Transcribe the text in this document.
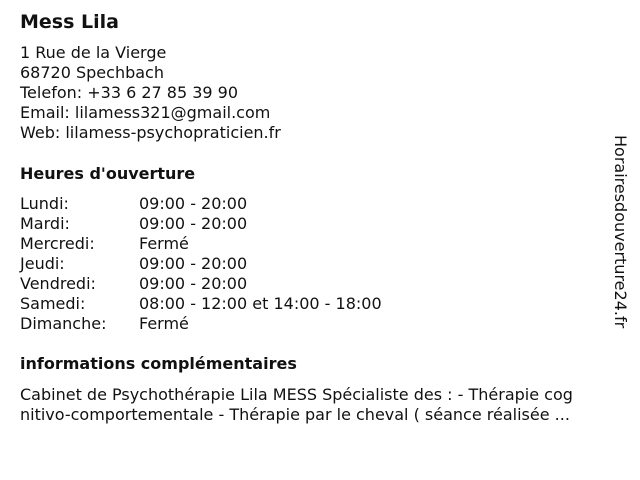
Mess Lila
1 Rue de la Vierge
68720 Spechbach
Telefon: +33 6 27 85 39 90
Email: lilamess321@gmail.com
Web: lilamess-psychopraticien.fr
Heures d'ouverture
Lundi:	09:00 - 20:00
Mardi:	09:00 - 20:00
Mercredi:	Fermé
Jeudi:	09:00 - 20:00
Vendredi:	09:00 - 20:00
Samedi:	08:00 - 12:00 et 14:00 - 18:00
Dimanche: Fermé
informations complémentaires
Cabinet de Psychothérapie Lila MESS Spécialiste des : - Thérapie cog
nitivo-comportementale - Thérapie par le cheval ( séance réalisée ...
Horairesdouverture24.fr
